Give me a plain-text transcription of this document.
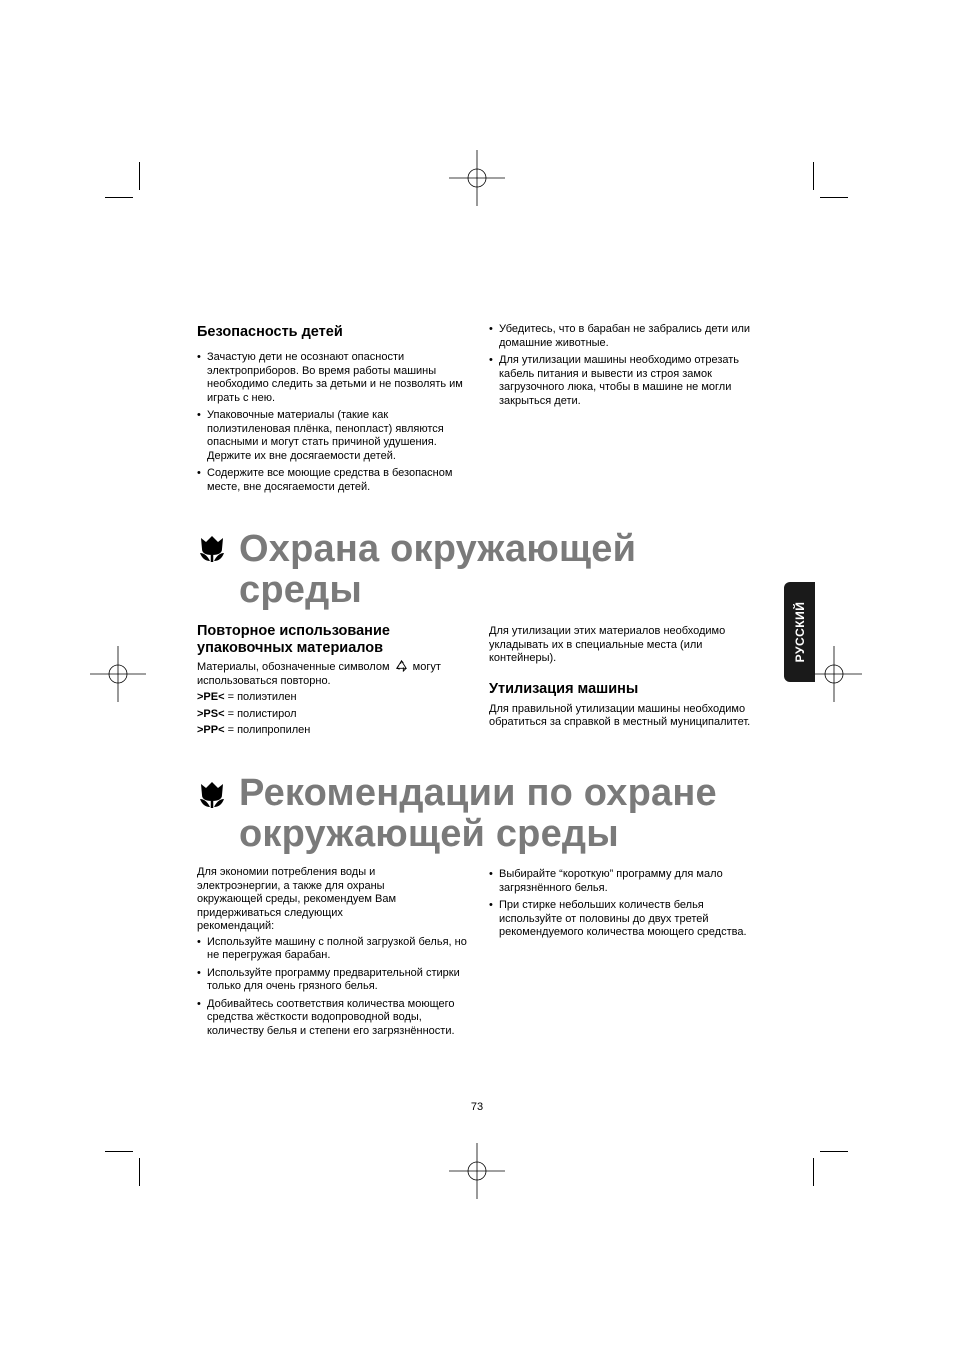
Безопасность детей
• Зачастую дети не осознают опасности электроприборов. Во время работы машины необходимо следить за детьми и не позволять им играть с нею.
• Упаковочные материалы (такие как полиэтиленовая плёнка, пенопласт) являются опасными и могут стать причиной удушения. Держите их вне досягаемости детей.
• Содержите все моющие средства в безопасном месте, вне досягаемости детей.
• Убедитесь, что в барабан не забрались дети или домашние животные.
• Для утилизации машины необходимо отрезать кабель питания и вывести из строя замок загрузочного люка, чтобы в машине не могли закрыться дети.
Охрана окружающей
среды
Повторное использование
упаковочных материалов

Материалы, обозначенные символом могут использоваться повторно.

>PE< = полиэтилен
>PS< = полистирол
>PP< = полипропилен

Для утилизации этих материалов необходимо укладывать их в специальные места (или контейнеры).

Утилизация машины

Для правильной утилизации машины необходимо обратиться за справкой в местный муниципалитет.

РУССКИЙ
Рекомендации по охране
окружающей среды

Для экономии потребления воды и электроэнергии, а также для охраны окружающей среды, рекомендуем Вам придерживаться следующих рекомендаций:

• Используйте машину с полной загрузкой белья, но не перегружая барабан.
• Используйте программу предварительной стирки только для очень грязного белья.
• Добивайтесь соответствия количества моющего средства жёсткости водопроводной воды, количеству белья и степени его загрязнённости.
• Выбирайте “короткую” программу для мало загрязнённого белья.
• При стирке небольших количеств белья используйте от половины до двух третей рекомендуемого количества моющего средства.
73
